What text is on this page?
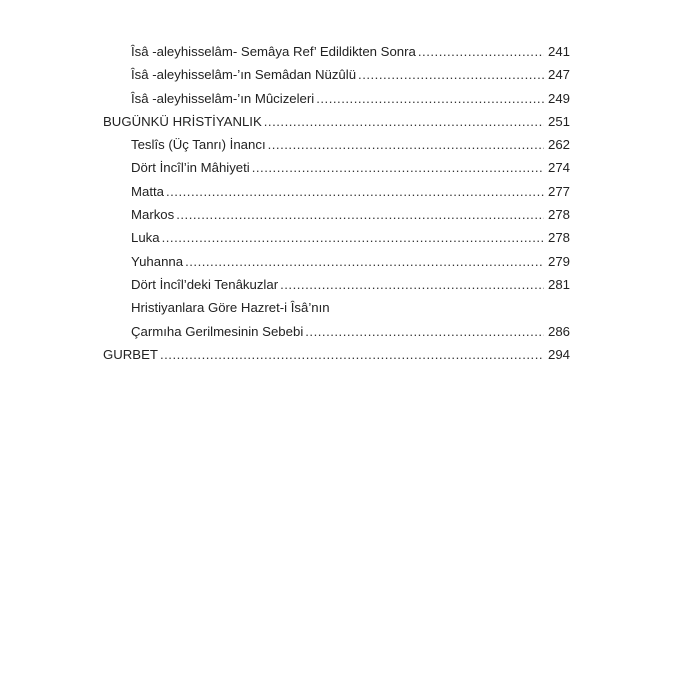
Îsâ -aleyhisselâm- Semâya Ref’ Edildikten Sonra .....	241
Îsâ -aleyhisselâm-’ın Semâdan Nüzûlü .....	247
Îsâ -aleyhisselâm-’ın Mûcizeleri .....	249
BUGÜNKÜ HRİSTİYANLIK .....	251
Teslîs (Üç Tanrı) İnancı .....	262
Dört İncîl’in Mâhiyeti .....	274
Matta .....	277
Markos .....	278
Luka .....	278
Yuhanna .....	279
Dört İncîl’deki Tenâkuzlar .....	281
Hristiyanlara Göre Hazret-i Îsâ’nın
Çarmıha Gerilmesinin Sebebi .....	286
GURBET .....	294
